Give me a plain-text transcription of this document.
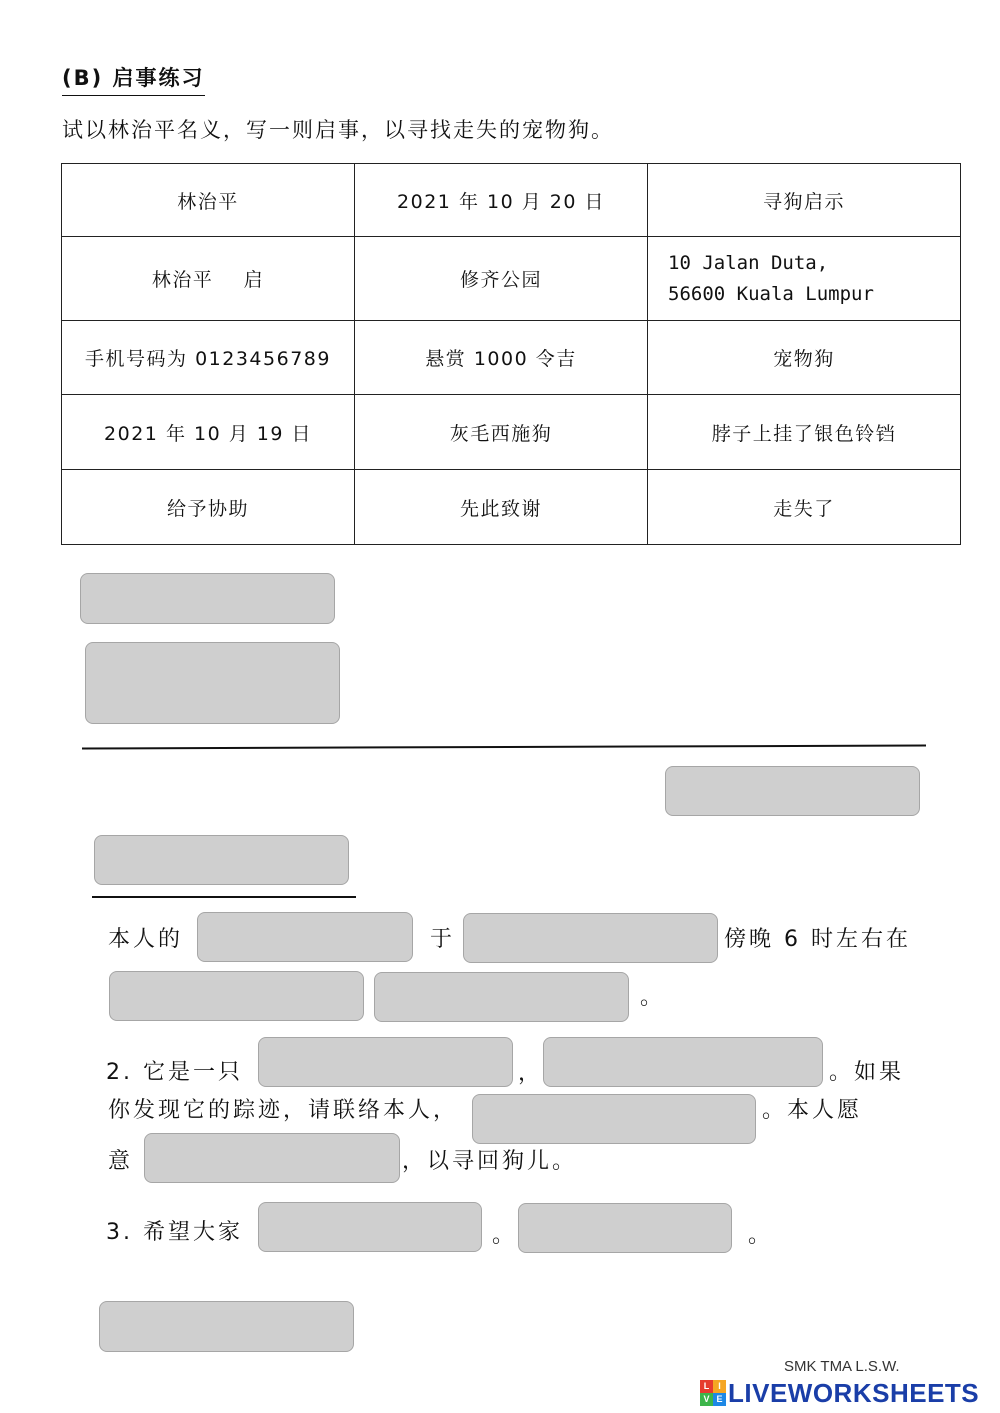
(B) 启事练习
试以林治平名义，写一则启事，以寻找走失的宠物狗。
林治平	2021 年 10 月 20 日	寻狗启示
林治平    启	修齐公园	10 Jalan Duta,
56600 Kuala Lumpur
手机号码为 0123456789	悬赏 1000 令吉	宠物狗
2021 年 10 月 19 日	灰毛西施狗	脖子上挂了银色铃铛
给予协助	先此致谢	走失了
本人的	于	傍晚 6 时左右在
。
2. 它是一只	，	。如果
你发现它的踪迹，请联络本人，	。本人愿
意	，以寻回狗儿。
3. 希望大家	。	。
SMK TMA L.S.W.
L I
V E LIVEWORKSHEETS
